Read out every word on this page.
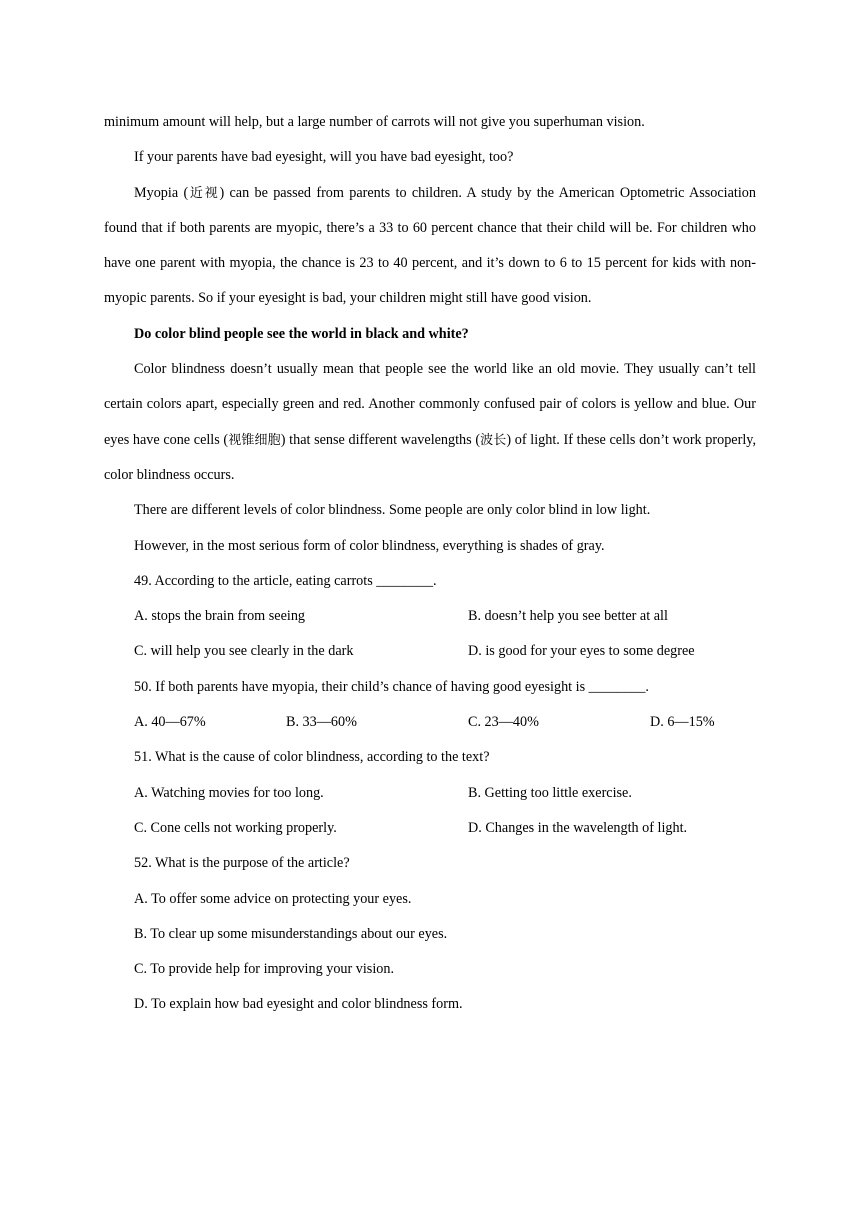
minimum amount will help, but a large number of carrots will not give you superhuman vision.

If your parents have bad eyesight, will you have bad eyesight, too?

Myopia (近视) can be passed from parents to children. A study by the American Optometric Association found that if both parents are myopic, there’s a 33 to 60 percent chance that their child will be. For children who have one parent with myopia, the chance is 23 to 40 percent, and it’s down to 6 to 15 percent for kids with non-myopic parents. So if your eyesight is bad, your children might still have good vision.

Do color blind people see the world in black and white?

Color blindness doesn’t usually mean that people see the world like an old movie. They usually can’t tell certain colors apart, especially green and red. Another commonly confused pair of colors is yellow and blue. Our eyes have cone cells (视锥细胞) that sense different wavelengths (波长) of light. If these cells don’t work properly, color blindness occurs.

There are different levels of color blindness. Some people are only color blind in low light.

However, in the most serious form of color blindness, everything is shades of gray.

49. According to the article, eating carrots ________.

A. stops the brain from seeing	B. doesn’t help you see better at all
C. will help you see clearly in the dark	D. is good for your eyes to some degree

50. If both parents have myopia, their child’s chance of having good eyesight is ________.

A. 40—67%	B. 33—60%	C. 23—40%	D. 6—15%

51. What is the cause of color blindness, according to the text?

A. Watching movies for too long.	B. Getting too little exercise.
C. Cone cells not working properly.	D. Changes in the wavelength of light.

52. What is the purpose of the article?

A. To offer some advice on protecting your eyes.

B. To clear up some misunderstandings about our eyes.

C. To provide help for improving your vision.

D. To explain how bad eyesight and color blindness form.
